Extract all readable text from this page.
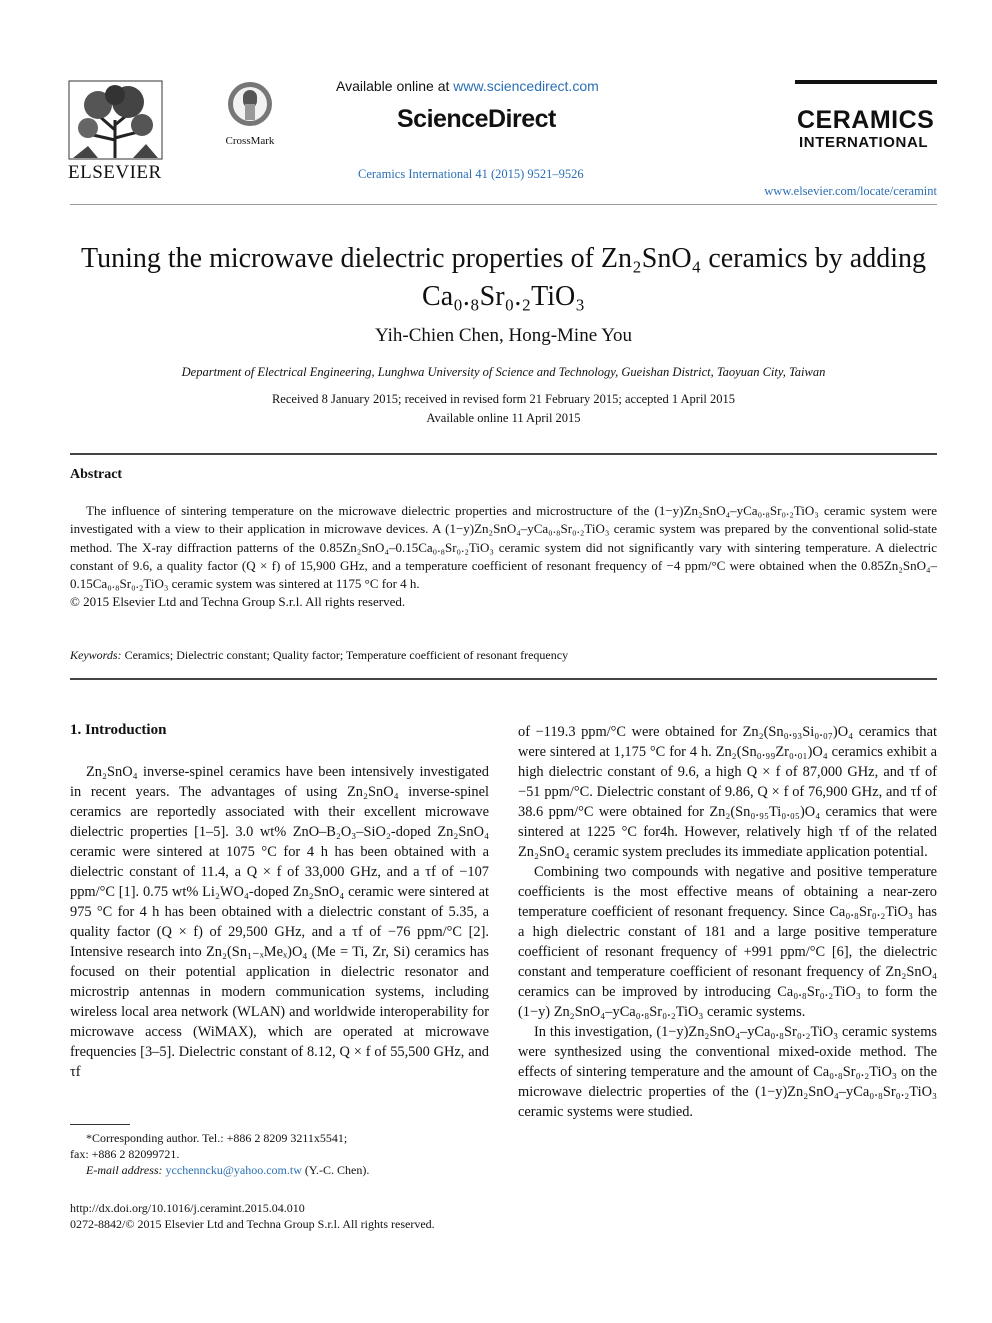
ELSEVIER
CrossMark
Available online at www.sciencedirect.com
ScienceDirect
Ceramics International 41 (2015) 9521–9526
CERAMICS
INTERNATIONAL
www.elsevier.com/locate/ceramint
Tuning the microwave dielectric properties of Zn₂SnO₄ ceramics by adding Ca₀.₈Sr₀.₂TiO₃
Yih-Chien Chen, Hong-Mine You
Department of Electrical Engineering, Lunghwa University of Science and Technology, Gueishan District, Taoyuan City, Taiwan
Received 8 January 2015; received in revised form 21 February 2015; accepted 1 April 2015
Available online 11 April 2015
Abstract
The influence of sintering temperature on the microwave dielectric properties and microstructure of the (1−y)Zn₂SnO₄–yCa₀.₈Sr₀.₂TiO₃ ceramic system were investigated with a view to their application in microwave devices. A (1−y)Zn₂SnO₄–yCa₀.₈Sr₀.₂TiO₃ ceramic system was prepared by the conventional solid-state method. The X-ray diffraction patterns of the 0.85Zn₂SnO₄–0.15Ca₀.₈Sr₀.₂TiO₃ ceramic system did not significantly vary with sintering temperature. A dielectric constant of 9.6, a quality factor (Q × f) of 15,900 GHz, and a temperature coefficient of resonant frequency of −4 ppm/°C were obtained when the 0.85Zn₂SnO₄–0.15Ca₀.₈Sr₀.₂TiO₃ ceramic system was sintered at 1175 °C for 4 h.
© 2015 Elsevier Ltd and Techna Group S.r.l. All rights reserved.
Keywords: Ceramics; Dielectric constant; Quality factor; Temperature coefficient of resonant frequency
1. Introduction

Zn₂SnO₄ inverse-spinel ceramics have been intensively investigated in recent years. The advantages of using Zn₂SnO₄ inverse-spinel ceramics are reportedly associated with their excellent microwave dielectric properties [1–5]. 3.0 wt% ZnO–B₂O₃–SiO₂-doped Zn₂SnO₄ ceramic were sintered at 1075 °C for 4 h has been obtained with a dielectric constant of 11.4, a Q × f of 33,000 GHz, and a τf of −107 ppm/°C [1]. 0.75 wt% Li₂WO₄-doped Zn₂SnO₄ ceramic were sintered at 975 °C for 4 h has been obtained with a dielectric constant of 5.35, a quality factor (Q × f) of 29,500 GHz, and a τf of −76 ppm/°C [2]. Intensive research into Zn₂(Sn₁₋ₓMeₓ)O₄ (Me = Ti, Zr, Si) ceramics has focused on their potential application in dielectric resonator and microstrip antennas in modern communication systems, including wireless local area network (WLAN) and worldwide interoperability for microwave access (WiMAX), which are operated at microwave frequencies [3–5]. Dielectric constant of 8.12, Q × f of 55,500 GHz, and τf

of −119.3 ppm/°C were obtained for Zn₂(Sn₀.₉₃Si₀.₀₇)O₄ ceramics that were sintered at 1,175 °C for 4 h. Zn₂(Sn₀.₉₉Zr₀.₀₁)O₄ ceramics exhibit a high dielectric constant of 9.6, a high Q × f of 87,000 GHz, and τf of −51 ppm/°C. Dielectric constant of 9.86, Q × f of 76,900 GHz, and τf of 38.6 ppm/°C were obtained for Zn₂(Sn₀.₉₅Ti₀.₀₅)O₄ ceramics that were sintered at 1225 °C for4h. However, relatively high τf of the related Zn₂SnO₄ ceramic system precludes its immediate application potential.

Combining two compounds with negative and positive temperature coefficients is the most effective means of obtaining a near-zero temperature coefficient of resonant frequency. Since Ca₀.₈Sr₀.₂TiO₃ has a high dielectric constant of 181 and a large positive temperature coefficient of resonant frequency of +991 ppm/°C [6], the dielectric constant and temperature coefficient of resonant frequency of Zn₂SnO₄ ceramics can be improved by introducing Ca₀.₈Sr₀.₂TiO₃ to form the (1−y) Zn₂SnO₄–yCa₀.₈Sr₀.₂TiO₃ ceramic systems.

In this investigation, (1−y)Zn₂SnO₄–yCa₀.₈Sr₀.₂TiO₃ ceramic systems were synthesized using the conventional mixed-oxide method. The effects of sintering temperature and the amount of Ca₀.₈Sr₀.₂TiO₃ on the microwave dielectric properties of the (1−y)Zn₂SnO₄–yCa₀.₈Sr₀.₂TiO₃ ceramic systems were studied.

*Corresponding author. Tel.: +886 2 8209 3211x5541;

fax: +886 2 82099721.

E-mail address: ycchenncku@yahoo.com.tw (Y.-C. Chen).

http://dx.doi.org/10.1016/j.ceramint.2015.04.010
0272-8842/© 2015 Elsevier Ltd and Techna Group S.r.l. All rights reserved.
